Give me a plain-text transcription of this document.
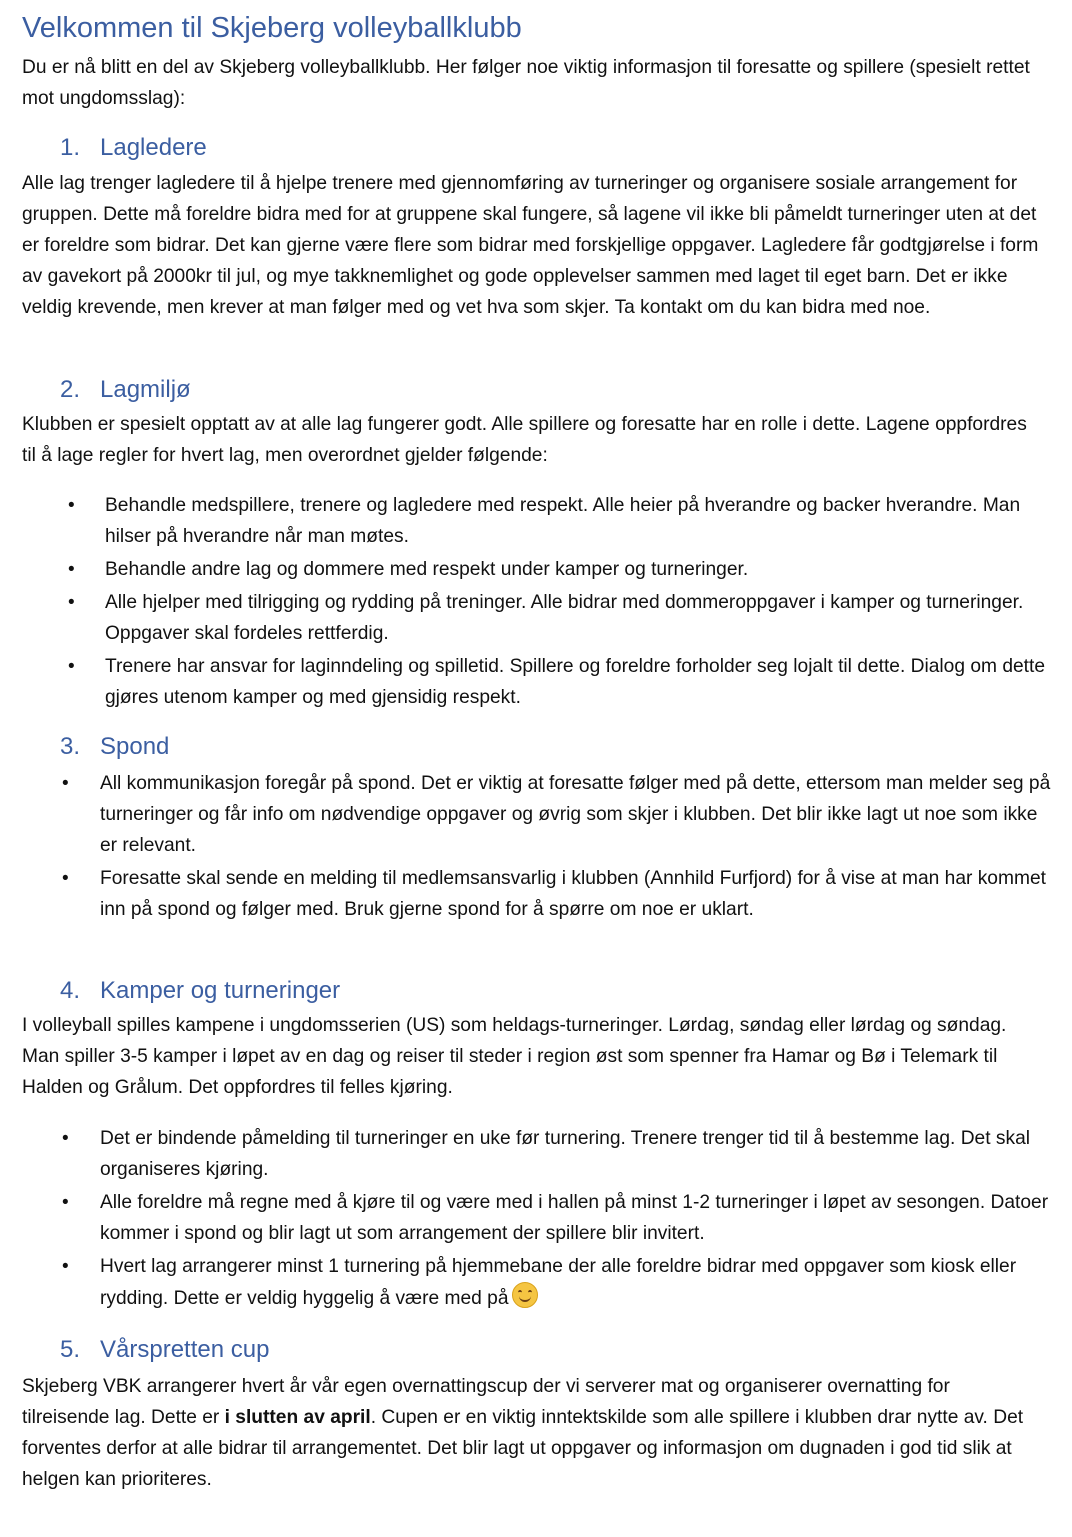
Velkommen til Skjeberg volleyballklubb

Du er nå blitt en del av Skjeberg volleyballklubb. Her følger noe viktig informasjon til foresatte og spillere (spesielt rettet mot ungdomsslag):

1. Lagledere

Alle lag trenger lagledere til å hjelpe trenere med gjennomføring av turneringer og organisere sosiale arrangement for gruppen. Dette må foreldre bidra med for at gruppene skal fungere, så lagene vil ikke bli påmeldt turneringer uten at det er foreldre som bidrar. Det kan gjerne være flere som bidrar med forskjellige oppgaver. Lagledere får godtgjørelse i form av gavekort på 2000kr til jul, og mye takknemlighet og gode opplevelser sammen med laget til eget barn. Det er ikke veldig krevende, men krever at man følger med og vet hva som skjer. Ta kontakt om du kan bidra med noe.

2. Lagmiljø

Klubben er spesielt opptatt av at alle lag fungerer godt. Alle spillere og foresatte har en rolle i dette. Lagene oppfordres til å lage regler for hvert lag, men overordnet gjelder følgende:

• Behandle medspillere, trenere og lagledere med respekt. Alle heier på hverandre og backer hverandre. Man hilser på hverandre når man møtes.
• Behandle andre lag og dommere med respekt under kamper og turneringer.
• Alle hjelper med tilrigging og rydding på treninger. Alle bidrar med dommeroppgaver i kamper og turneringer. Oppgaver skal fordeles rettferdig.
• Trenere har ansvar for laginndeling og spilletid. Spillere og foreldre forholder seg lojalt til dette. Dialog om dette gjøres utenom kamper og med gjensidig respekt.
3. Spond
• All kommunikasjon foregår på spond. Det er viktig at foresatte følger med på dette, ettersom man melder seg på turneringer og får info om nødvendige oppgaver og øvrig som skjer i klubben. Det blir ikke lagt ut noe som ikke er relevant.
• Foresatte skal sende en melding til medlemsansvarlig i klubben (Annhild Furfjord) for å vise at man har kommet inn på spond og følger med. Bruk gjerne spond for å spørre om noe er uklart.
4. Kamper og turneringer

I volleyball spilles kampene i ungdomsserien (US) som heldags-turneringer. Lørdag, søndag eller lørdag og søndag. Man spiller 3-5 kamper i løpet av en dag og reiser til steder i region øst som spenner fra Hamar og Bø i Telemark til Halden og Grålum. Det oppfordres til felles kjøring.

• Det er bindende påmelding til turneringer en uke før turnering. Trenere trenger tid til å bestemme lag. Det skal organiseres kjøring.
• Alle foreldre må regne med å kjøre til og være med i hallen på minst 1-2 turneringer i løpet av sesongen. Datoer kommer i spond og blir lagt ut som arrangement der spillere blir invitert.
• Hvert lag arrangerer minst 1 turnering på hjemmebane der alle foreldre bidrar med oppgaver som kiosk eller rydding. Dette er veldig hyggelig å være med på
5. Vårspretten cup

Skjeberg VBK arrangerer hvert år vår egen overnattingscup der vi serverer mat og organiserer overnatting for tilreisende lag. Dette er i slutten av april. Cupen er en viktig inntektskilde som alle spillere i klubben drar nytte av. Det forventes derfor at alle bidrar til arrangementet. Det blir lagt ut oppgaver og informasjon om dugnaden i god tid slik at helgen kan prioriteres.
